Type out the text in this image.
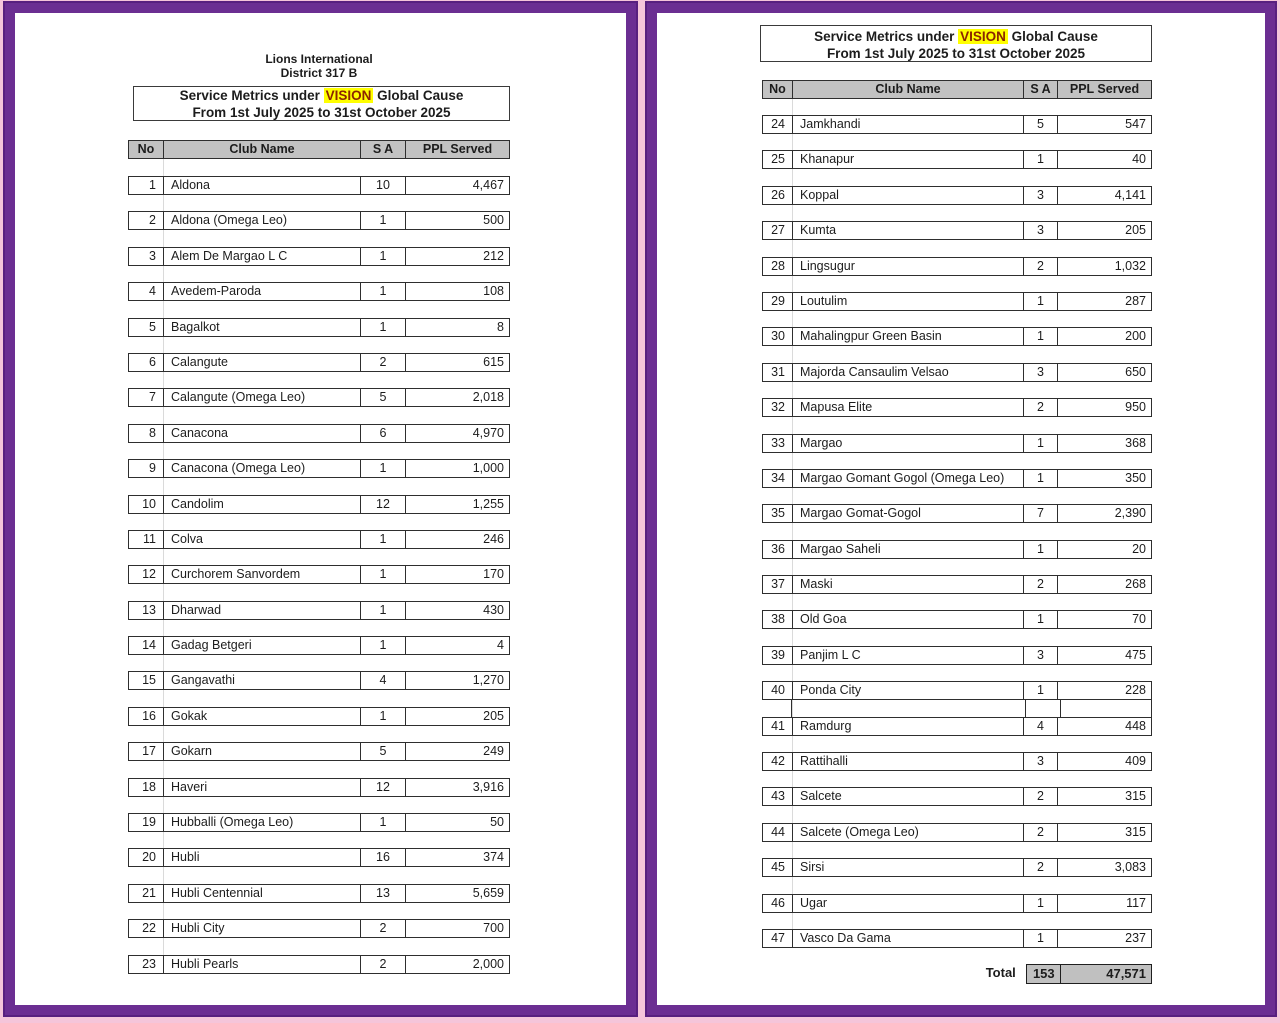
Lions International
District 317 B
Service Metrics under VISION Global Cause
From 1st July 2025 to 31st October 2025
No	Club Name	S A	PPL Served
1	Aldona	10	4,467
2	Aldona (Omega Leo)	1	500
3	Alem De Margao L C	1	212
4	Avedem-Paroda	1	108
5	Bagalkot	1	8
6	Calangute	2	615
7	Calangute (Omega Leo)	5	2,018
8	Canacona	6	4,970
9	Canacona (Omega Leo)	1	1,000
10	Candolim	12	1,255
11	Colva	1	246
12	Curchorem Sanvordem	1	170
13	Dharwad	1	430
14	Gadag Betgeri	1	4
15	Gangavathi	4	1,270
16	Gokak	1	205
17	Gokarn	5	249
18	Haveri	12	3,916
19	Hubballi (Omega Leo)	1	50
20	Hubli	16	374
21	Hubli Centennial	13	5,659
22	Hubli City	2	700
23	Hubli Pearls	2	2,000
Service Metrics under VISION Global Cause
From 1st July 2025 to 31st October 2025
No	Club Name	S A	PPL Served
24	Jamkhandi	5	547
25	Khanapur	1	40
26	Koppal	3	4,141
27	Kumta	3	205
28	Lingsugur	2	1,032
29	Loutulim	1	287
30	Mahalingpur Green Basin	1	200
31	Majorda Cansaulim Velsao	3	650
32	Mapusa Elite	2	950
33	Margao	1	368
34	Margao Gomant Gogol (Omega Leo)	1	350
35	Margao Gomat-Gogol	7	2,390
36	Margao Saheli	1	20
37	Maski	2	268
38	Old Goa	1	70
39	Panjim L C	3	475
40	Ponda City	1	228
41	Ramdurg	4	448
42	Rattihalli	3	409
43	Salcete	2	315
44	Salcete (Omega Leo)	2	315
45	Sirsi	2	3,083
46	Ugar	1	117
47	Vasco Da Gama	1	237
Total	153	47,571
